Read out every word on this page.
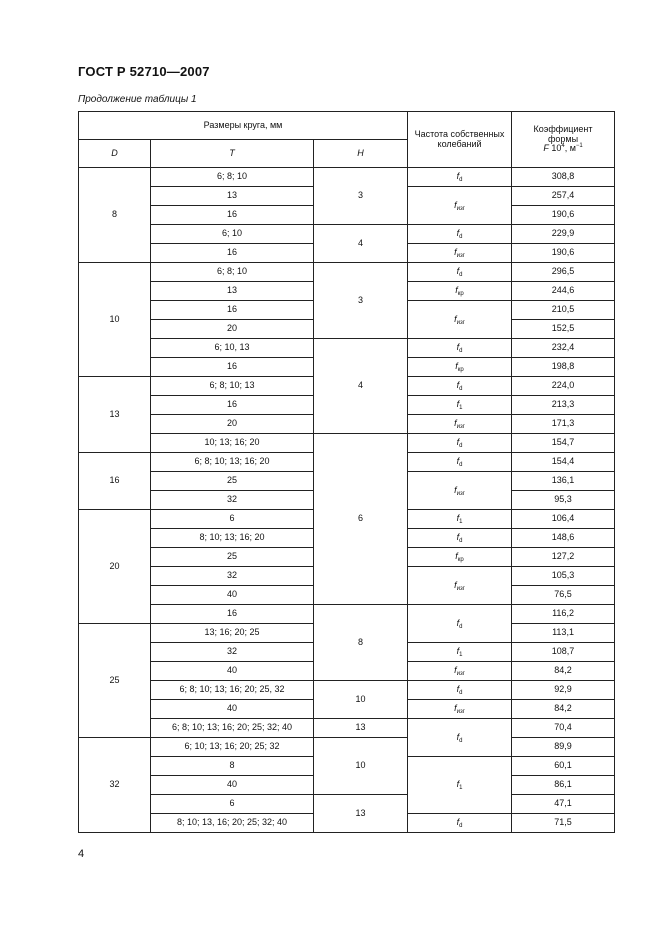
ГОСТ Р 52710—2007
Продолжение таблицы 1
Размеры круга, мм			Частота собственных колебаний	Коэффициент
формы
F $10^4$, $м^{-1}$
D	T	H		
8	6; 8; 10	3	$f_d$	308,8
	13		$f_{изг}$	257,4
	16			190,6
	6; 10	4	$f_d$	229,9
	16		$f_{изг}$	190,6
10	6; 8; 10	3	$f_d$	296,5
	13		$f_{кр}$	244,6
	16		$f_{изг}$	210,5
	20			152,5
	6; 10, 13	4	$f_d$	232,4
	16		$f_{кр}$	198,8
13	6; 8; 10; 13		$f_d$	224,0
	16		$f_1$	213,3
	20		$f_{изг}$	171,3
	10; 13; 16; 20	6	$f_d$	154,7
16	6; 8; 10; 13; 16; 20		$f_d$	154,4
	25		$f_{изг}$	136,1
	32			95,3
20	6		$f_1$	106,4
	8; 10; 13; 16; 20		$f_d$	148,6
	25		$f_{кр}$	127,2
	32		$f_{изг}$	105,3
	40			76,5
	16	8	$f_d$	116,2
25	13; 16; 20; 25			113,1
	32		$f_1$	108,7
	40		$f_{изг}$	84,2
	6; 8; 10; 13; 16; 20; 25, 32	10	$f_d$	92,9
	40		$f_{изг}$	84,2
	6; 8; 10; 13; 16; 20; 25; 32; 40	13	$f_d$	70,4
32	6; 10; 13; 16; 20; 25; 32	10		89,9
	8		$f_1$	60,1
	40			86,1
	6	13		47,1
	8; 10; 13, 16; 20; 25; 32; 40		$f_d$	71,5
4
